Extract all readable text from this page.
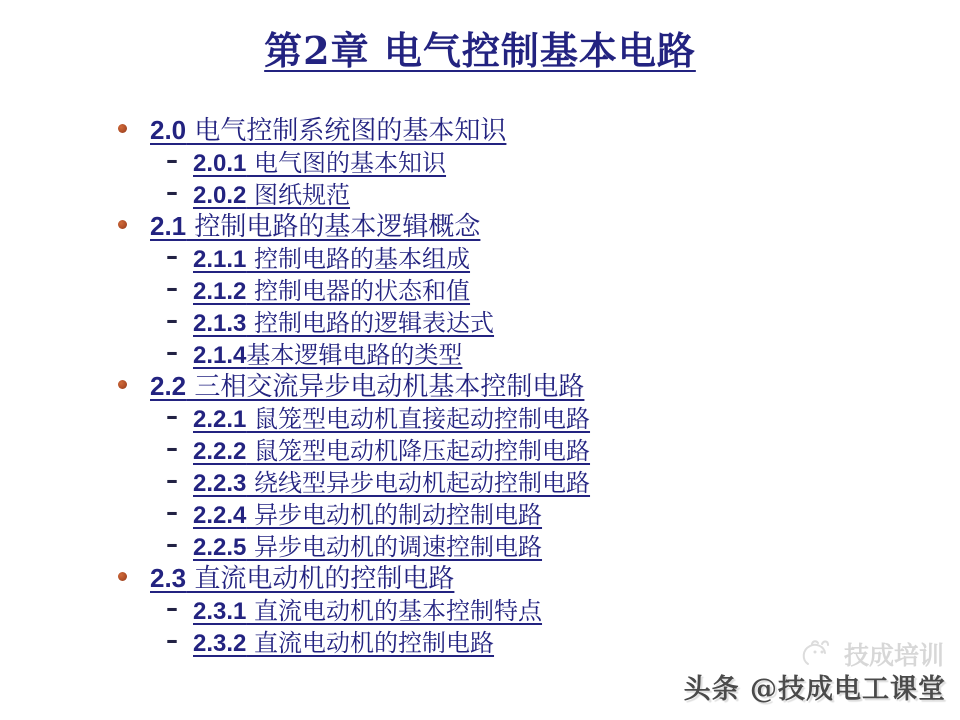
第2章 电气控制基本电路
2.0 电气控制系统图的基本知识
– 2.0.1 电气图的基本知识
– 2.0.2 图纸规范
2.1 控制电路的基本逻辑概念
– 2.1.1 控制电路的基本组成
– 2.1.2 控制电器的状态和值
– 2.1.3 控制电路的逻辑表达式
– 2.1.4基本逻辑电路的类型
2.2 三相交流异步电动机基本控制电路
– 2.2.1 鼠笼型电动机直接起动控制电路
– 2.2.2 鼠笼型电动机降压起动控制电路
– 2.2.3 绕线型异步电动机起动控制电路
– 2.2.4 异步电动机的制动控制电路
– 2.2.5 异步电动机的调速控制电路
2.3 直流电动机的控制电路
– 2.3.1 直流电动机的基本控制特点
– 2.3.2 直流电动机的控制电路	技成培训
头条 @技成电工课堂
